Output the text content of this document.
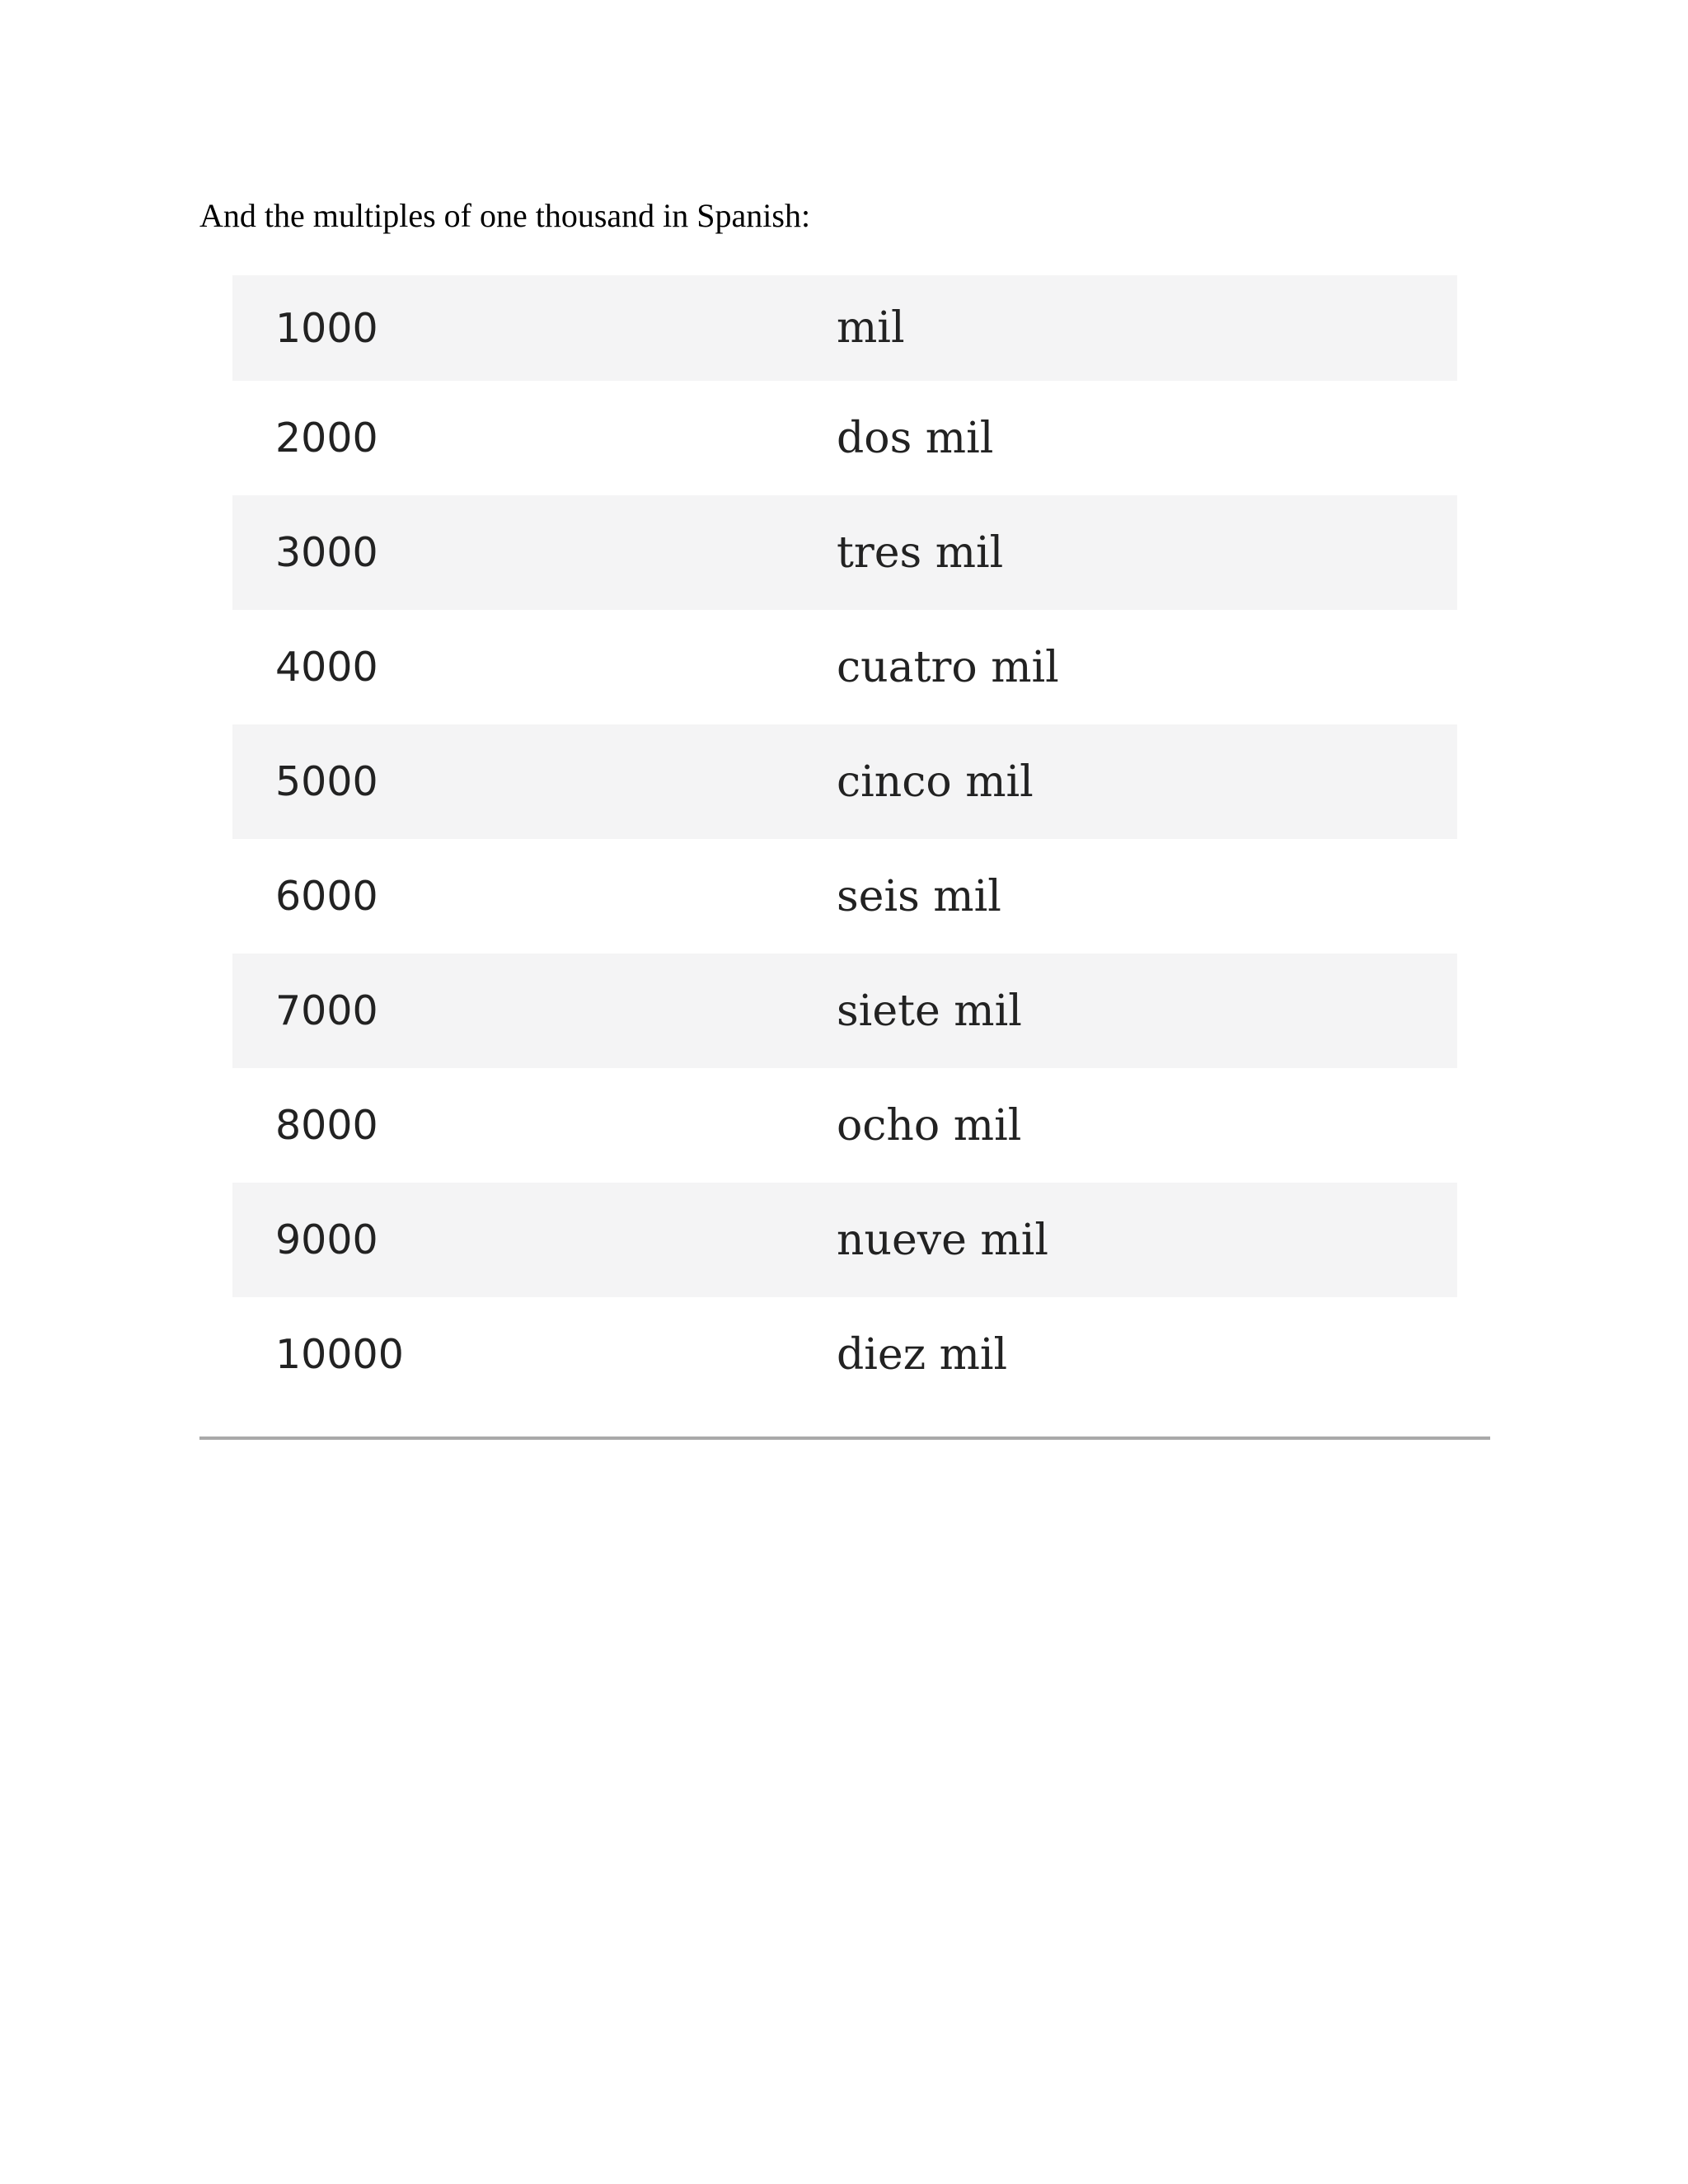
And the multiples of one thousand in Spanish:

1000	mil
2000	dos mil
3000	tres mil
4000	cuatro mil
5000	cinco mil
6000	seis mil
7000	siete mil
8000	ocho mil
9000	nueve mil
10000	diez mil
